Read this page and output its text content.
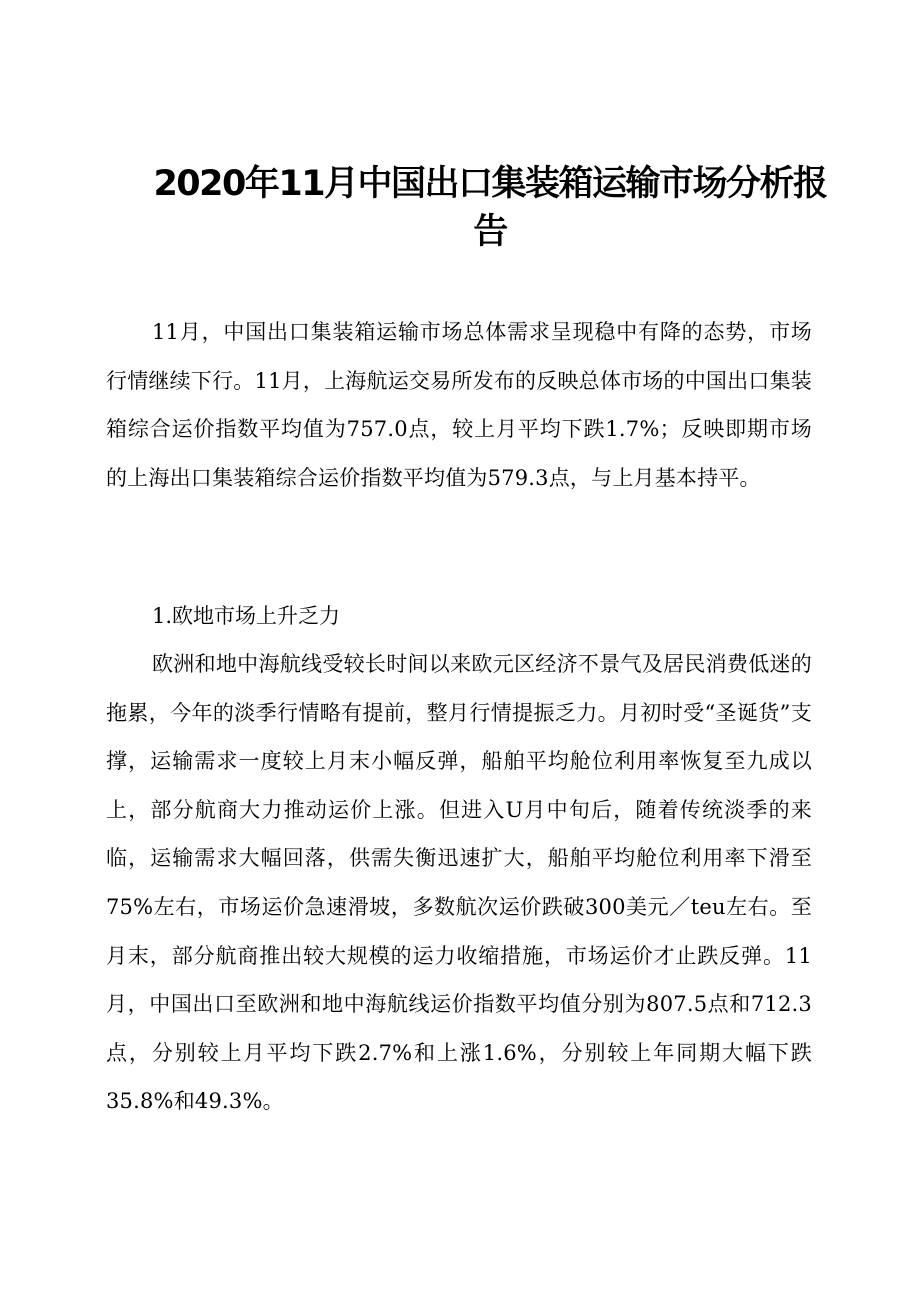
2020年11月中国出口集装箱运输市场分析报告

11月，中国出口集装箱运输市场总体需求呈现稳中有降的态势，市场行情继续下行。11月，上海航运交易所发布的反映总体市场的中国出口集装箱综合运价指数平均值为757.0点，较上月平均下跌1.7%；反映即期市场的上海出口集装箱综合运价指数平均值为579.3点，与上月基本持平。

1.欧地市场上升乏力

欧洲和地中海航线受较长时间以来欧元区经济不景气及居民消费低迷的拖累，今年的淡季行情略有提前，整月行情提振乏力。月初时受“圣诞货”支撑，运输需求一度较上月末小幅反弹，船舶平均舱位利用率恢复至九成以上，部分航商大力推动运价上涨。但进入U月中旬后，随着传统淡季的来临，运输需求大幅回落，供需失衡迅速扩大，船舶平均舱位利用率下滑至75%左右，市场运价急速滑坡，多数航次运价跌破300美元／teu左右。至月末，部分航商推出较大规模的运力收缩措施，市场运价才止跌反弹。11月，中国出口至欧洲和地中海航线运价指数平均值分别为807.5点和712.3点，分别较上月平均下跌2.7%和上涨1.6%，分别较上年同期大幅下跌35.8%和49.3%。
